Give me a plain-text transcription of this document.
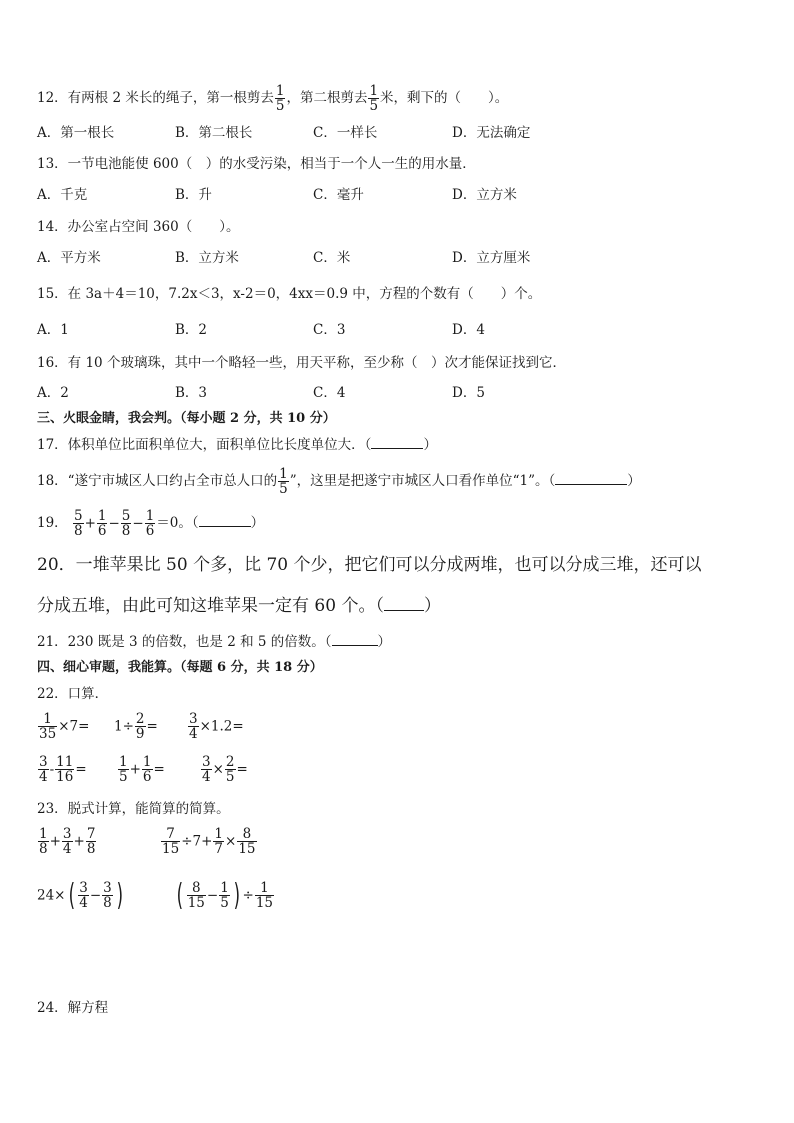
12．有两根 2 米长的绳子，第一根剪去 $\frac{1}{5}$ ，第二根剪去 $\frac{1}{5}$ 米，剩下的（　　）。
A．第一根长	B．第二根长	C．一样长	D．无法确定
13．一节电池能使 600（　）的水受污染，相当于一个人一生的用水量．
A．千克	B．升	C．毫升	D．立方米
14．办公室占空间 360（　　）。
A．平方米	B．立方米	C．米	D．立方厘米
15．在 3a＋4＝10，7.2x＜3，x-2＝0，4xx＝0.9 中，方程的个数有（　　）个。
A．1	B．2	C．3	D．4
16．有 10 个玻璃珠，其中一个略轻一些，用天平称，至少称（　）次才能保证找到它．
A．2	B．3	C．4	D．5
三、火眼金睛，我会判。（每小题 2 分，共 10 分）
17．体积单位比面积单位大，面积单位比长度单位大．（	）
18．“遂宁市城区人口约占全市总人口的 $\frac{1}{5}$ ”，这里是把遂宁市城区人口看作单位“1”。（	）
19． $\frac{5}{8} + \frac{1}{6} - \frac{5}{8} - \frac{1}{6} =0$。（	）
20．一堆苹果比 50 个多，比 70 个少，把它们可以分成两堆，也可以分成三堆，还可以
分成五堆，由此可知这堆苹果一定有 60 个。（ ）
21．230 既是 3 的倍数，也是 2 和 5 的倍数。（	）
四、细心审题，我能算。（每题 6 分，共 18 分）
22．口算．
$\frac{1}{35} \times 7= 1\div \frac{2}{9} = \frac{3}{4} \times 1.2=$
$\frac{3}{4} - \frac{11}{16} = \frac{1}{5} + \frac{1}{6}$ =	$\frac{3}{4} \times \frac{2}{5}$ =
23．脱式计算，能简算的简算。
$\frac{1}{8} + \frac{3}{4} + \frac{7}{8}$	$\frac{7}{15} \div 7+ \frac{1}{7} \times \frac{8}{15}$
$24\times( \frac{3}{4} - \frac{3}{8}$ ) ( $\frac{8}{15} - \frac{1}{5}$ ) ÷ $\frac{1}{15}$
24．解方程
